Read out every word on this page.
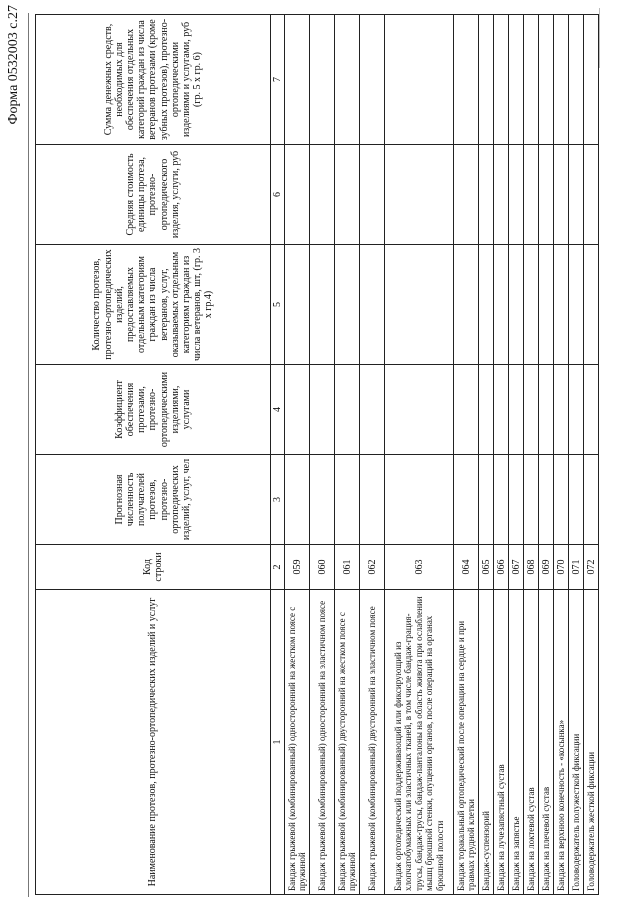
Форма 0532003 с.27
Наименование протезов, протезно-ортопедических изделий и услуг	Код строки	Прогнозная численность получателей протезов, протезно-ортопедических изделий, услуг, чел	Коэффициент обеспечения протезами, протезно-ортопедическими изделиями, услугами	Количество протезов, протезно-ортопедических изделий, предоставляемых отдельным категориям граждан из числа ветеранов, услуг, оказываемых отдельным категориям граждан из числа ветеранов, шт, (гр. 3 х гр.4)	Средняя стоимость единицы протеза, протезно-ортопедического изделия, услуги, руб	Сумма денежных средств, необходимых для обеспечения отдельных категорий граждан из числа ветеранов протезами (кроме зубных протезов), протезно-ортопедическими изделиями и услугами, руб (гр. 5 х гр. 6)
1	2	3	4	5	6	7
Бандаж грыжевой (комбинированный) односторонний на жестком поясе с пружиной	059					
Бандаж грыжевой (комбинированный) односторонний на эластичном поясе	060					
Бандаж грыжевой (комбинированный) двусторонний на жестком поясе с пружиной	061					
Бандаж грыжевой (комбинированный) двусторонний на эластичном поясе	062					
Бандаж ортопедический поддерживающий или фиксирующий из хлопчатобумажных или эластичных тканей, в том числе бандаж-грация-трусы, бандаж-трусы, бандаж-панталоны на область живота при ослаблении мышц брюшной стенки, опущении органов, после операций на органах брюшной полости	063					
Бандаж торакальный ортопедический после операции на сердце и при травмах грудной клетки	064					
Бандаж-суспензорий	065					
Бандаж на лучезапястный сустав	066					
Бандаж на запястье	067					
Бандаж на локтевой сустав	068					
Бандаж на плечевой сустав	069					
Бандаж на верхнюю конечность - «косынка»	070					
Головодержатель полужесткой фиксации	071					
Головодержатель жесткой фиксации	072					
